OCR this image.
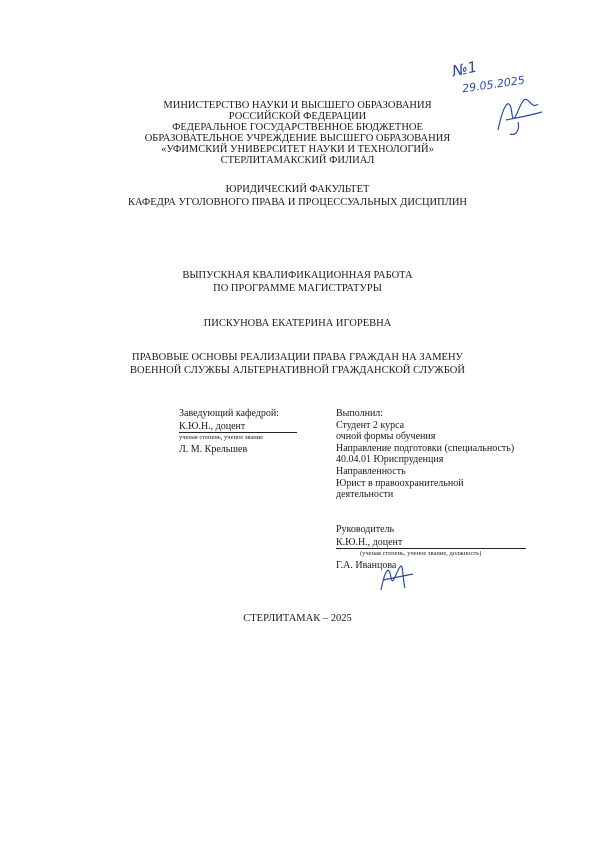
№1
29.05.2025
МИНИСТЕРСТВО НАУКИ И ВЫСШЕГО ОБРАЗОВАНИЯ
РОССИЙСКОЙ ФЕДЕРАЦИИ
ФЕДЕРАЛЬНОЕ ГОСУДАРСТВЕННОЕ БЮДЖЕТНОЕ
ОБРАЗОВАТЕЛЬНОЕ УЧРЕЖДЕНИЕ ВЫСШЕГО ОБРАЗОВАНИЯ
«УФИМСКИЙ УНИВЕРСИТЕТ НАУКИ И ТЕХНОЛОГИЙ»
СТЕРЛИТАМАКСКИЙ ФИЛИАЛ
ЮРИДИЧЕСКИЙ ФАКУЛЬТЕТ
КАФЕДРА УГОЛОВНОГО ПРАВА И ПРОЦЕССУАЛЬНЫХ ДИСЦИПЛИН
ВЫПУСКНАЯ КВАЛИФИКАЦИОННАЯ РАБОТА
ПО ПРОГРАММЕ МАГИСТРАТУРЫ
ПИСКУНОВА ЕКАТЕРИНА ИГОРЕВНА
ПРАВОВЫЕ ОСНОВЫ РЕАЛИЗАЦИИ ПРАВА ГРАЖДАН НА ЗАМЕНУ
ВОЕННОЙ СЛУЖБЫ АЛЬТЕРНАТИВНОЙ ГРАЖДАНСКОЙ СЛУЖБОЙ
Заведующий кафедрой:
К.Ю.Н., доцент
ученая степень, ученое звание
Л. М. Крельшев
Выполнил:
Студент 2 курса
очной формы обучения
Направление подготовки (специальность)
40.04.01 Юриспруденция
Направленность
Юрист в правоохранительной
деятельности
Руководитель
К.Ю.Н., доцент
(ученая степень, ученое звание, должность)
Г.А. Иванцова
СТЕРЛИТАМАК – 2025
